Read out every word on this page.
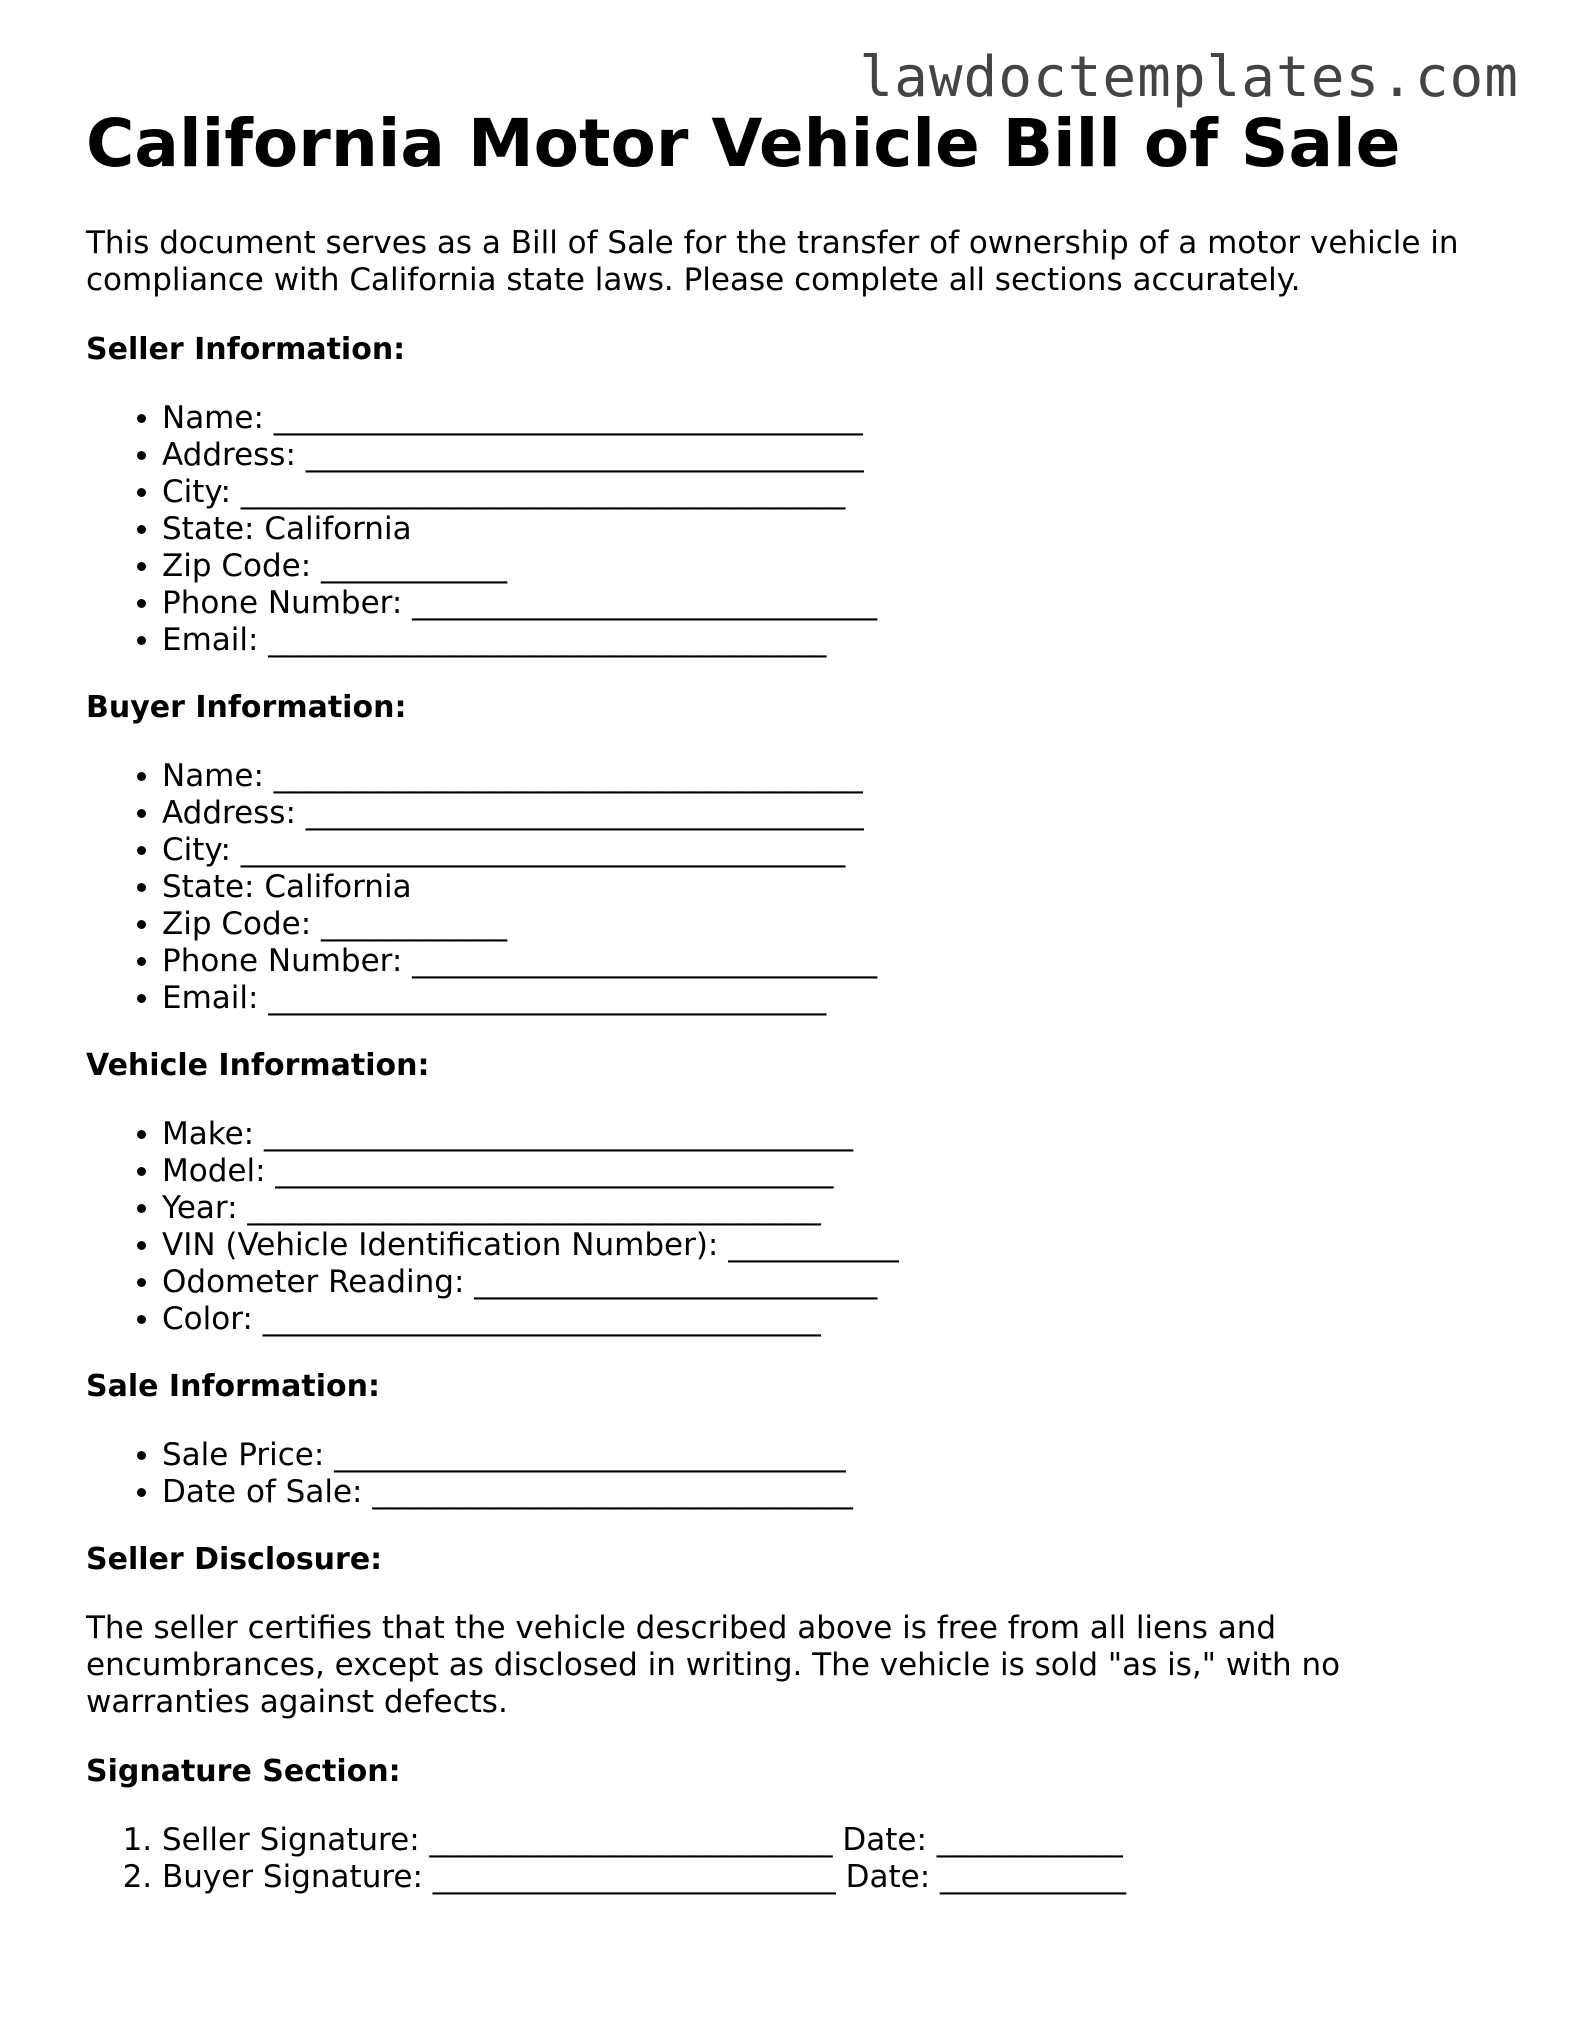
lawdoctemplates.com
California Motor Vehicle Bill of Sale

This document serves as a Bill of Sale for the transfer of ownership of a motor vehicle in compliance with California state laws. Please complete all sections accurately.

Seller Information:
• Name: ______________________________________
• Address: ____________________________________
• City: _______________________________________
• State: California
• Zip Code: ____________
• Phone Number: ______________________________
• Email: ____________________________________
Buyer Information:
• Name: ______________________________________
• Address: ____________________________________
• City: _______________________________________
• State: California
• Zip Code: ____________
• Phone Number: ______________________________
• Email: ____________________________________
Vehicle Information:
• Make: ______________________________________
• Model: ____________________________________
• Year: _____________________________________
• VIN (Vehicle Identification Number): ___________
• Odometer Reading: __________________________
• Color: ____________________________________
Sale Information:
• Sale Price: _________________________________
• Date of Sale: _______________________________
Seller Disclosure:

The seller certifies that the vehicle described above is free from all liens and encumbrances, except as disclosed in writing. The vehicle is sold "as is," with no warranties against defects.

Signature Section:
1. Seller Signature: __________________________ Date: ____________
2. Buyer Signature: __________________________ Date: ____________
